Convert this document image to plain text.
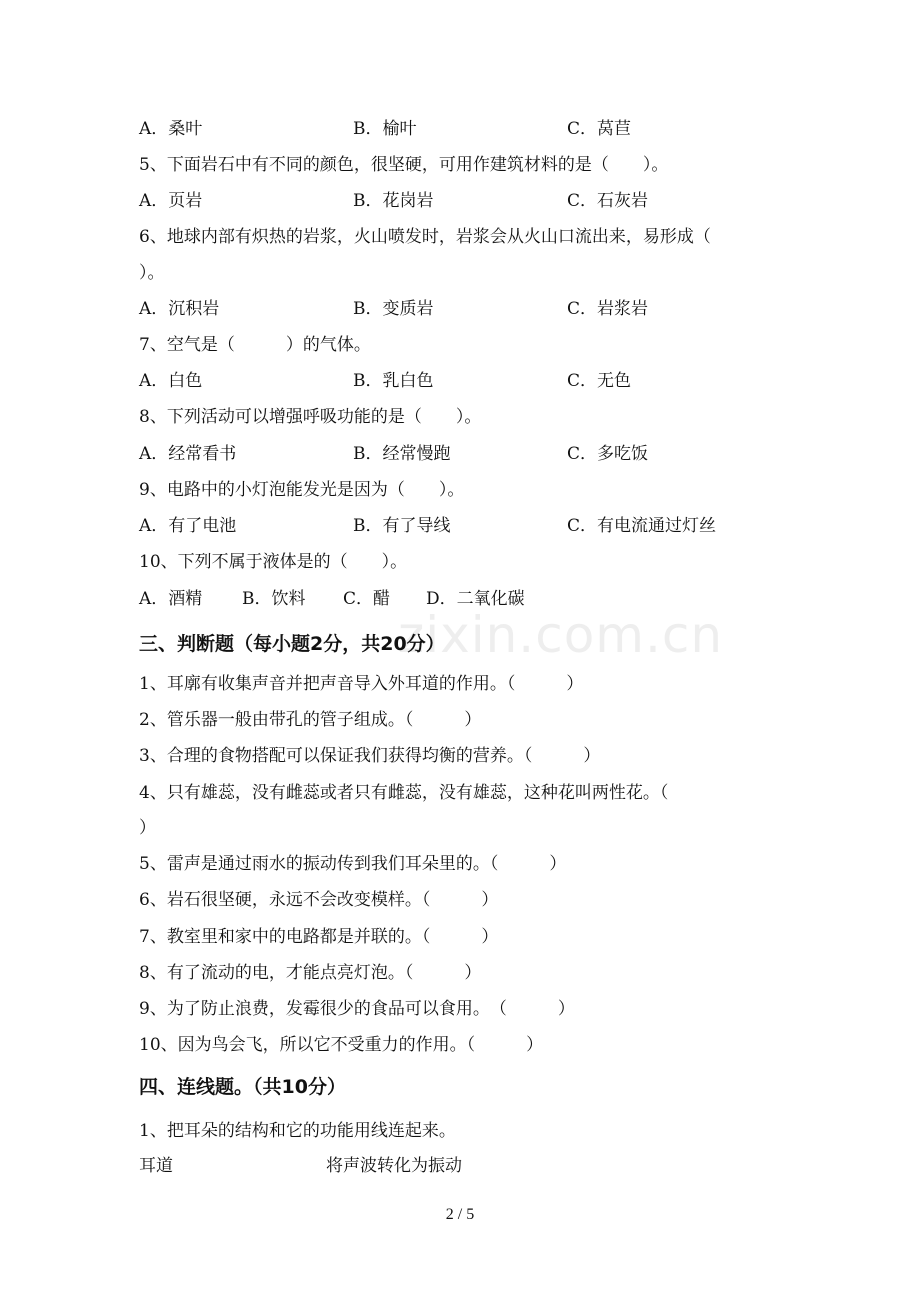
A．桑叶	B．榆叶	C．莴苣
5、下面岩石中有不同的颜色，很坚硬，可用作建筑材料的是（　　）。
A．页岩	B．花岗岩	C．石灰岩
6、地球内部有炽热的岩浆，火山喷发时，岩浆会从火山口流出来，易形成（
）。
A．沉积岩	B．变质岩	C．岩浆岩
7、空气是（　　　）的气体。
A．白色	B．乳白色	C．无色
8、下列活动可以增强呼吸功能的是（　　）。
A．经常看书	B．经常慢跑	C．多吃饭
9、电路中的小灯泡能发光是因为（　　）。
A．有了电池	B．有了导线	C．有电流通过灯丝
10、下列不属于液体是的（　　）。
A．酒精 B．饮料 C．醋 D．二氧化碳
zixin.com.cn
三、判断题（每小题2分，共20分）
1、耳廓有收集声音并把声音导入外耳道的作用。（　　　）
2、管乐器一般由带孔的管子组成。（　　　）
3、合理的食物搭配可以保证我们获得均衡的营养。（　　　）
4、只有雄蕊，没有雌蕊或者只有雌蕊，没有雄蕊，这种花叫两性花。（
）
5、雷声是通过雨水的振动传到我们耳朵里的。（　　　）
6、岩石很坚硬，永远不会改变模样。（　　　）
7、教室里和家中的电路都是并联的。（　　　）
8、有了流动的电，才能点亮灯泡。（　　　）
9、为了防止浪费，发霉很少的食品可以食用。　（　　　）
10、因为鸟会飞，所以它不受重力的作用。（　　　）
四、连线题。（共10分）
1、把耳朵的结构和它的功能用线连起来。
耳道	将声波转化为振动
2 / 5
